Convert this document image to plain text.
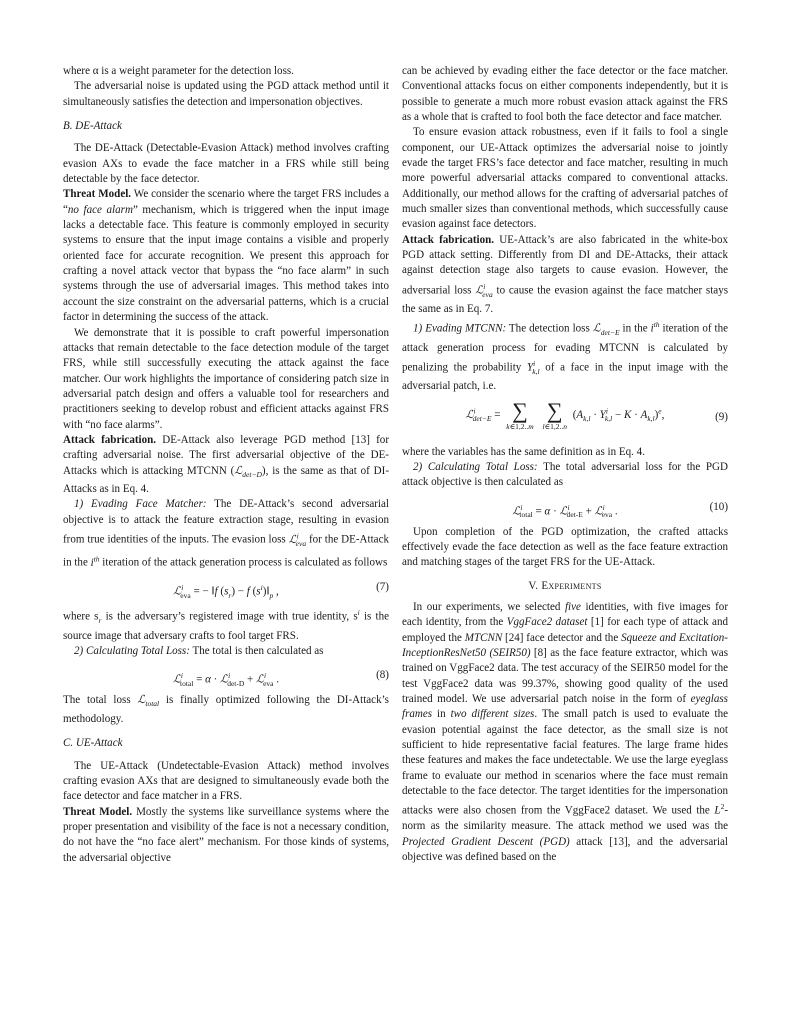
where α is a weight parameter for the detection loss.

The adversarial noise is updated using the PGD attack method until it simultaneously satisfies the detection and impersonation objectives.

B. DE-Attack

The DE-Attack (Detectable-Evasion Attack) method involves crafting evasion AXs to evade the face matcher in a FRS while still being detectable by the face detector.

Threat Model. We consider the scenario where the target FRS includes a “no face alarm” mechanism, which is triggered when the input image lacks a detectable face. This feature is commonly employed in security systems to ensure that the input image contains a visible and properly oriented face for accurate recognition. We present this approach for crafting a novel attack vector that bypass the “no face alarm” in such systems through the use of adversarial images. This method takes into account the size constraint on the adversarial patterns, which is a crucial factor in determining the success of the attack.

We demonstrate that it is possible to craft powerful impersonation attacks that remain detectable to the face detection module of the target FRS, while still successfully executing the attack against the face matcher. Our work highlights the importance of considering patch size in adversarial patch design and offers a valuable tool for researchers and practitioners seeking to develop robust and efficient attacks against FRS with “no face alarms”.

Attack fabrication. DE-Attack also leverage PGD method [13] for crafting adversarial noise. The first adversarial objective of the DE-Attacks which is attacking MTCNN (ℒ$_{det-D}$), is the same as that of DI-Attacks as in Eq. 4.

1) Evading Face Matcher: The DE-Attack’s second adversarial objective is to attack the feature extraction stage, resulting in evasion from true identities of the inputs. The evasion loss ℒ$^i_{eva}$ for the DE-Attack in the $i^{th}$ iteration of the attack generation process is calculated as follows

ℒ$^i_{eva}$ = − ‖f $(s_r) - f$ $(s^i)‖_p$ ,	(7)

where $s_r$ is the adversary’s registered image with true identity, $s^i$ is the source image that adversary crafts to fool target FRS.

2) Calculating Total Loss: The total is then calculated as

ℒ$^i_{total}$ = α · ℒ$^i_{det-D}$ + ℒ$^i_{eva}$ .	(8)

The total loss ℒ$_{total}$ is finally optimized following the DI-Attack’s methodology.

C. UE-Attack

The UE-Attack (Undetectable-Evasion Attack) method involves crafting evasion AXs that are designed to simultaneously evade both the face detector and face matcher in a FRS.

Threat Model. Mostly the systems like surveillance systems where the proper presentation and visibility of the face is not a necessary condition, do not have the “no face alert” mechanism. For those kinds of systems, the adversarial objective

can be achieved by evading either the face detector or the face matcher. Conventional attacks focus on either components independently, but it is possible to generate a much more robust evasion attack against the FRS as a whole that is crafted to fool both the face detector and face matcher.

To ensure evasion attack robustness, even if it fails to fool a single component, our UE-Attack optimizes the adversarial noise to jointly evade the target FRS’s face detector and face matcher, resulting in much more powerful adversarial attacks compared to conventional attacks. Additionally, our method allows for the crafting of adversarial patches of much smaller sizes than conventional methods, which successfully cause evasion against face detectors.

Attack fabrication. UE-Attack’s are also fabricated in the white-box PGD attack setting. Differently from DI and DE-Attacks, their attack against detection stage also targets to cause evasion. However, the adversarial loss ℒ$^i_{eva}$ to cause the evasion against the face matcher stays the same as in Eq. 7.

1) Evading MTCNN: The detection loss ℒ$_{det-E}$ in the $i^{th}$ iteration of the attack generation process for evading MTCNN is calculated by penalizing the probability $Y^i_{k,l}$ of a face in the input image with the adversarial patch, i.e.

ℒ$^i_{det-E}$ = ∑
k∈1,2..m

∑
l∈1,2..n
$(A_{k,l} \cdot Y^i_{k,l} - K \cdot A_{k,l})^e$,	(9)

where the variables has the same definition as in Eq. 4.

2) Calculating Total Loss: The total adversarial loss for the PGD attack objective is then calculated as

ℒ$^i_{total}$ = α · ℒ$^i_{det-E}$ + ℒ$^i_{eva}$ .	(10)

Upon completion of the PGD optimization, the crafted attacks effectively evade the face detection as well as the face feature extraction and matching stages of the target FRS for the UE-Attack.

V. Experiments

In our experiments, we selected five identities, with five images for each identity, from the VggFace2 dataset [1] for each type of attack and employed the MTCNN [24] face detector and the Squeeze and Excitation-InceptionResNet50 (SEIR50) [8] as the face feature extractor, which was trained on VggFace2 data. The test accuracy of the SEIR50 model for the test VggFace2 data was 99.37%, showing good quality of the used trained model. We use adversarial patch noise in the form of eyeglass frames in two different sizes. The small patch is used to evaluate the evasion potential against the face detector, as the small size is not sufficient to hide representative facial features. The large frame hides these features and makes the face undetectable. We use the large eyeglass frame to evaluate our method in scenarios where the face must remain detectable to the face detector. The target identities for the impersonation attacks were also chosen from the VggFace2 dataset. We used the $L^2$-norm as the similarity measure. The attack method we used was the Projected Gradient Descent (PGD) attack [13], and the adversarial objective was defined based on the
